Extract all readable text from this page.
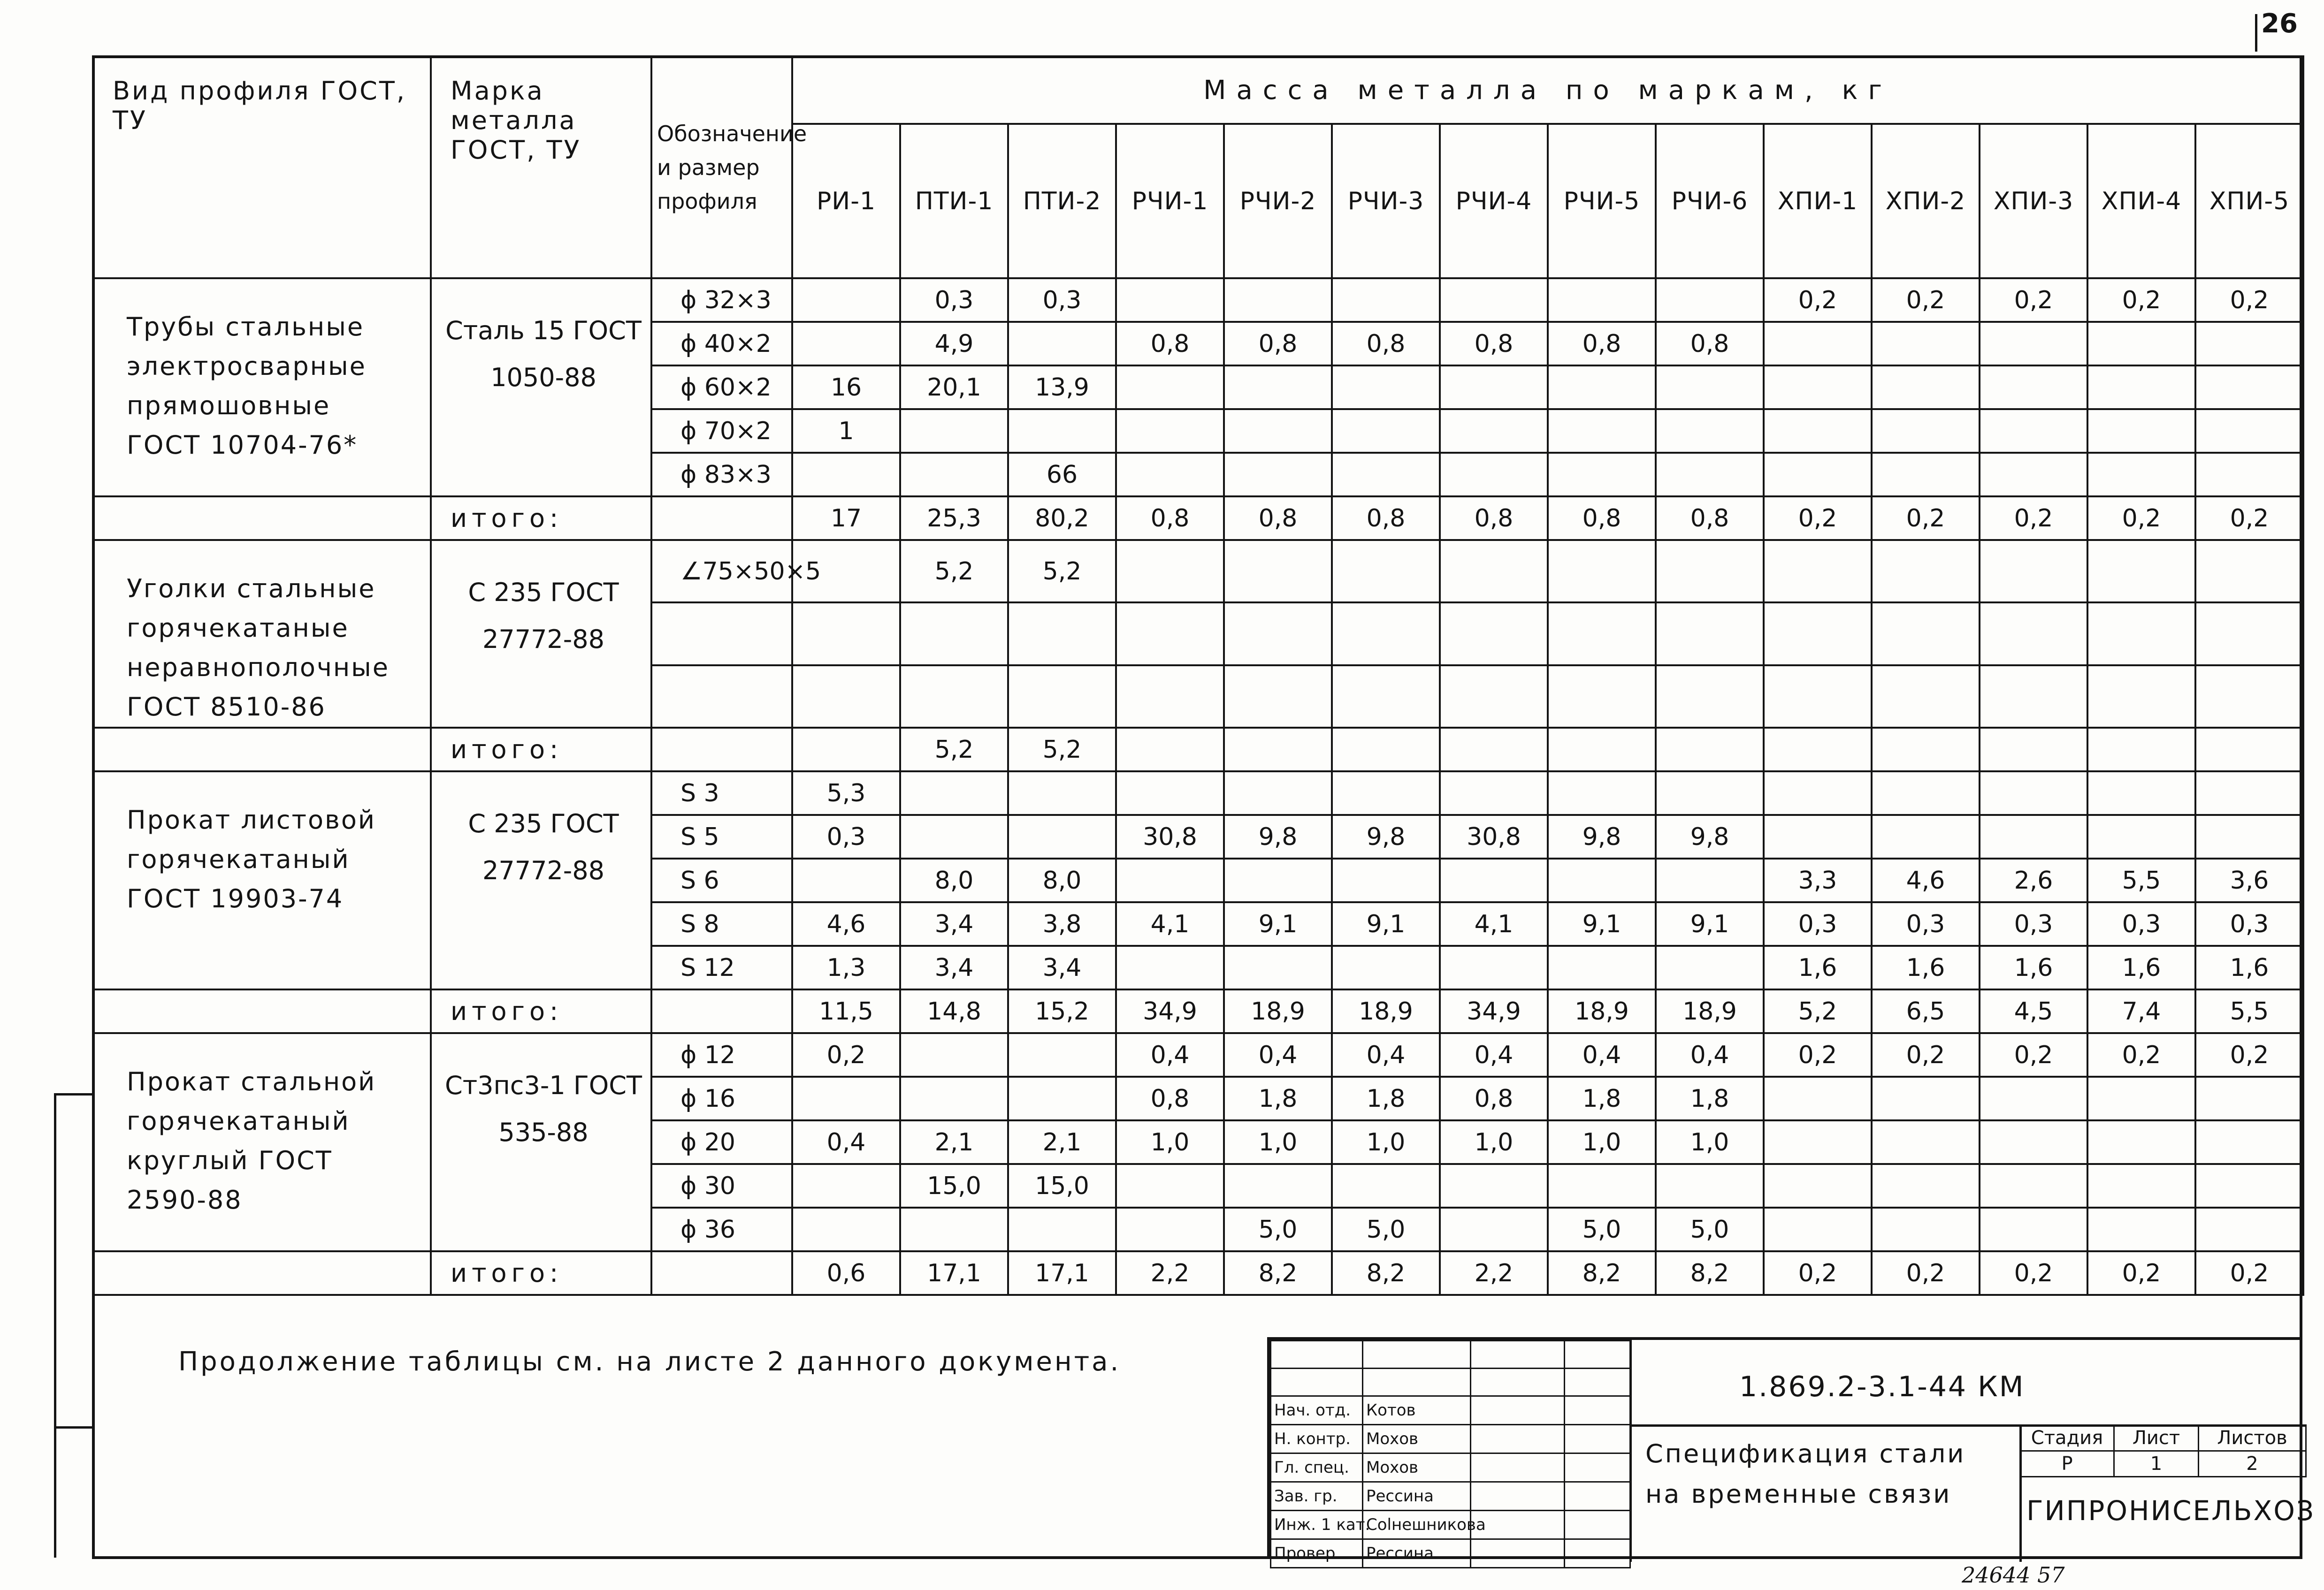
26
Вид профиля ГОСТ, ТУ	Марка металла ГОСТ, ТУ	Обозначение и размер профиля	Масса металла по маркам, кг													
			РИ-1	ПТИ-1	ПТИ-2	РЧИ-1	РЧИ-2	РЧИ-3	РЧИ-4	РЧИ-5	РЧИ-6	ХПИ-1	ХПИ-2	ХПИ-3	ХПИ-4	ХПИ-5
Трубы стальные электросварные прямошовные ГОСТ 10704-76*	Сталь 15 ГОСТ 1050-88	ϕ 32×3		0,3	0,3							0,2	0,2	0,2	0,2	0,2
		ϕ 40×2		4,9		0,8	0,8	0,8	0,8	0,8	0,8					
		ϕ 60×2	16	20,1	13,9											
		ϕ 70×2	1													
		ϕ 83×3			66											
	итого:		17	25,3	80,2	0,8	0,8	0,8	0,8	0,8	0,8	0,2	0,2	0,2	0,2	0,2
Уголки стальные горячекатаные неравнополочные ГОСТ 8510-86	С 235 ГОСТ 27772-88	∠75×50×5		5,2	5,2											

	итого:			5,2	5,2											
Прокат листовой горячекатаный ГОСТ 19903-74	С 235 ГОСТ 27772-88	S 3	5,3													
		S 5	0,3			30,8	9,8	9,8	30,8	9,8	9,8					
		S 6		8,0	8,0							3,3	4,6	2,6	5,5	3,6
		S 8	4,6	3,4	3,8	4,1	9,1	9,1	4,1	9,1	9,1	0,3	0,3	0,3	0,3	0,3
		S 12	1,3	3,4	3,4							1,6	1,6	1,6	1,6	1,6
	итого:		11,5	14,8	15,2	34,9	18,9	18,9	34,9	18,9	18,9	5,2	6,5	4,5	7,4	5,5
Прокат стальной горячекатаный круглый ГОСТ 2590-88	Ст3пс3-1 ГОСТ 535-88	ϕ 12	0,2			0,4	0,4	0,4	0,4	0,4	0,4	0,2	0,2	0,2	0,2	0,2
		ϕ 16				0,8	1,8	1,8	0,8	1,8	1,8					
		ϕ 20	0,4	2,1	2,1	1,0	1,0	1,0	1,0	1,0	1,0					
		ϕ 30		15,0	15,0											
		ϕ 36					5,0	5,0		5,0	5,0					
	итого:		0,6	17,1	17,1	2,2	8,2	8,2	2,2	8,2	8,2	0,2	0,2	0,2	0,2	0,2
Продолжение таблицы см. на листе 2 данного документа.

Нач. отд.	Котов		
Н. контр.	Мохов		
Гл. спец.	Мохов		
Зав. гр.	Рессина		
Инж. 1 кат.	Сolнешникова		
Провер.	Рессина		
1.869.2-3.1-44 КМ
Спецификация стали
на временные связи
Стадия	Лист	Листов
Р	1	2
ГИПРОНИСЕЛЬХОЗ
24644 57
